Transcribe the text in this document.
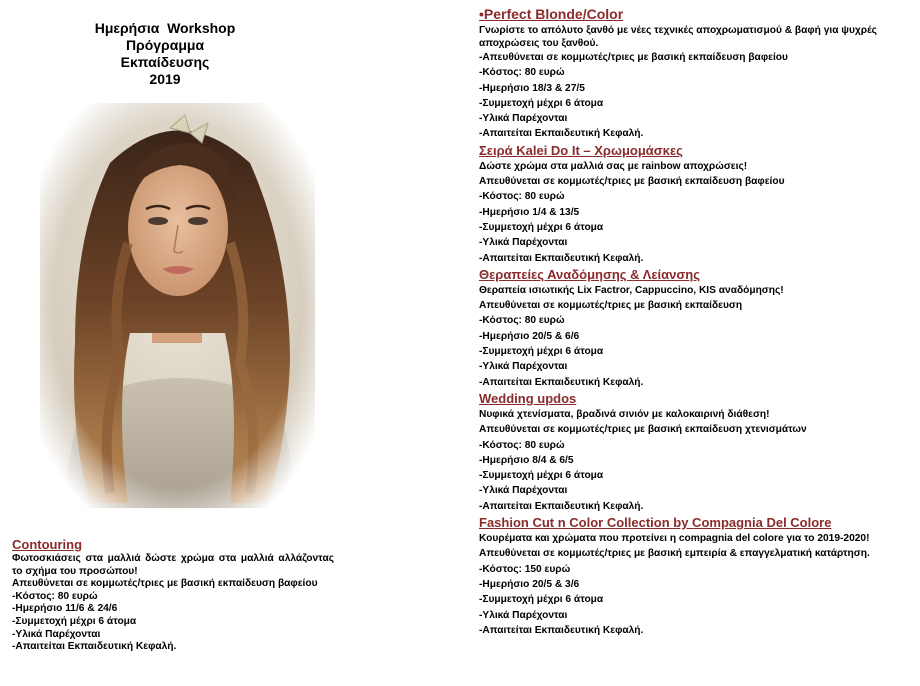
Ημερήσια  Workshop
Πρόγραμμα
Εκπαίδευσης
2019
Contouring
Φωτοσκιάσεις στα μαλλιά δώστε χρώμα στα μαλλιά αλλάζοντας το σχήμα του προσώπου!
Απευθύνεται σε κομμωτές/τριες με βασική εκπαίδευση βαφείου
-Κόστος: 80 ευρώ
-Ημερήσιο 11/6 & 24/6
-Συμμετοχή μέχρι 6 άτομα
-Υλικά Παρέχονται
-Απαιτείται Εκπαιδευτική Κεφαλή.
•Perfect Blonde/Color
Γνωρίστε το απόλυτο ξανθό με νέες τεχνικές αποχρωματισμού & βαφή για ψυχρές αποχρώσεις του ξανθού.
-Απευθύνεται σε κομμωτές/τριες με βασική εκπαίδευση βαφείου
-Κόστος: 80 ευρώ
-Ημερήσιο 18/3 & 27/5
-Συμμετοχή μέχρι 6 άτομα
-Υλικά Παρέχονται
-Απαιτείται Εκπαιδευτική Κεφαλή.
Σειρά Kalei Do It – Χρωμομάσκες
Δώστε χρώμα στα μαλλιά σας με rainbow αποχρώσεις!
Απευθύνεται σε κομμωτές/τριες με βασική εκπαίδευση βαφείου
-Κόστος: 80 ευρώ
-Ημερήσιο 1/4 & 13/5
-Συμμετοχή μέχρι 6 άτομα
-Υλικά Παρέχονται
-Απαιτείται Εκπαιδευτική Κεφαλή.
Θεραπείες Αναδόμησης & Λείανσης
Θεραπεία ισιωτικής Lix Factror, Cappuccino, KIS αναδόμησης!
Απευθύνεται σε κομμωτές/τριες με βασική εκπαίδευση
-Κόστος: 80 ευρώ
-Ημερήσιο 20/5 & 6/6
-Συμμετοχή μέχρι 6 άτομα
-Υλικά Παρέχονται
-Απαιτείται Εκπαιδευτική Κεφαλή.
Wedding updos
Νυφικά χτενίσματα, βραδινά σινιόν με καλοκαιρινή διάθεση!
Απευθύνεται σε κομμωτές/τριες με βασική εκπαίδευση χτενισμάτων
-Κόστος: 80 ευρώ
-Ημερήσιο 8/4 & 6/5
-Συμμετοχή μέχρι 6 άτομα
-Υλικά Παρέχονται
-Απαιτείται Εκπαιδευτική Κεφαλή.
Fashion Cut n Color Collection by Compagnia Del Colore
Κουρέματα και χρώματα που προτείνει η compagnia del colore για το 2019-2020!
Απευθύνεται σε κομμωτές/τριες με βασική εμπειρία & επαγγελματική κατάρτηση.
-Κόστος: 150 ευρώ
-Ημερήσιο 20/5 & 3/6
-Συμμετοχή μέχρι 6 άτομα
-Υλικά Παρέχονται
-Απαιτείται Εκπαιδευτική Κεφαλή.
